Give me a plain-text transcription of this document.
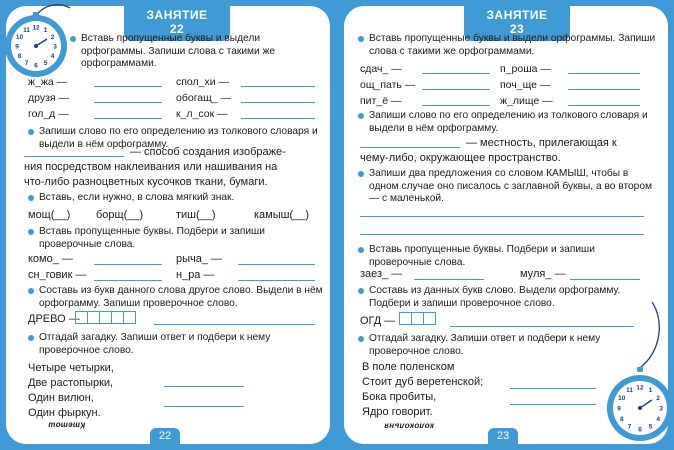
ЗАНЯТИЕ 22
Вставь пропущенные буквы и выдели орфограммы. Запиши слова с такими же орфограммами.
ж_жа —	спол_хи —
друзя —	обогащ_ —
гол_д —	к_л_сок —
Запиши слово по его определению из толкового словаря и выдели в нём орфограмму.
— способ создания изображе-
ния посредством наклеивания или нашивания на
что-либо разноцветных кусочков ткани, бумаги.
Вставь, если нужно, в слова мягкий знак.
мощ(__) борщ(__)	тиш(__)	камыш(__)
Вставь пропущенные буквы. Подбери и запиши проверочные слова.
комо_ —	рыча_ —
сн_говик —	н_ра —
Составь из букв данного слова другое слово. Выдели в нём орфограмму. Запиши проверочное слово.
ДРЕВО —
Отгадай загадку. Запиши ответ и подбери к нему проверочное слово.
Четыре четырки,
Две растопырки,
Один вилюн,
Один фыркун.
Ктетош
22
ЗАНЯТИЕ 23
Вставь пропущенные буквы и выдели орфограммы. Запиши слова с такими же орфограммами.
сдач_ —	п_роша —
ощ_пать —	поч_ще —
пит_ё —	ж_лище —
Запиши слово по его определению из толкового словаря и выдели в нём орфограмму.
— местность, прилегающая к
чему-либо, окружающее пространство.
Запиши два предложения со словом КАМЫШ, чтобы в одном случае оно писалось с заглавной буквы, а во втором — с маленькой.
Вставь пропущенные буквы. Подбери и запиши проверочные слова.
заез_ —	муля_ —
Составь из данных букв слово. Выдели орфограмму. Подбери и запиши проверочное слово.
ОГД —
Отгадай загадку. Запиши ответ и подбери к нему проверочное слово.
В поле поленском
Стоит дуб веретенской;
Бока пробиты,
Ядро говорит.
колокольня
23
12 1
2
3
4
5
6
7
8
9
10
11
12 1
2
3
4
5
6
7
8
9
10
11
